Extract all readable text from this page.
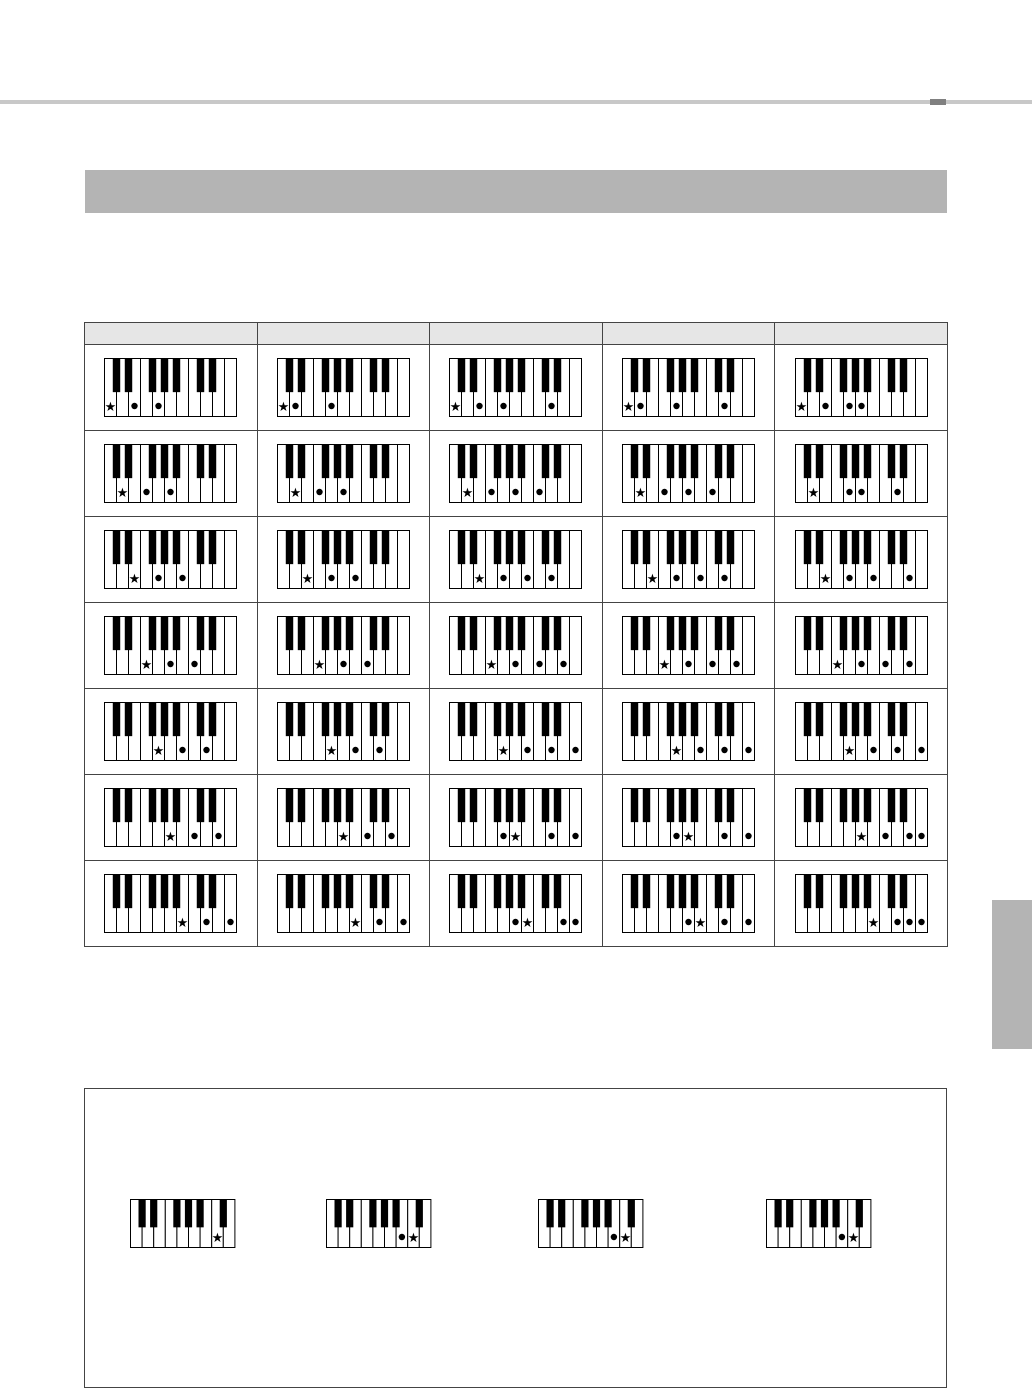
★	★	★	★	★

★	★	★	★	★

★	★	★	★	★

★	★	★	★	★

★	★	★	★	★

★	★	★	★	★

★	★	★	★	★
★	★	★	★
